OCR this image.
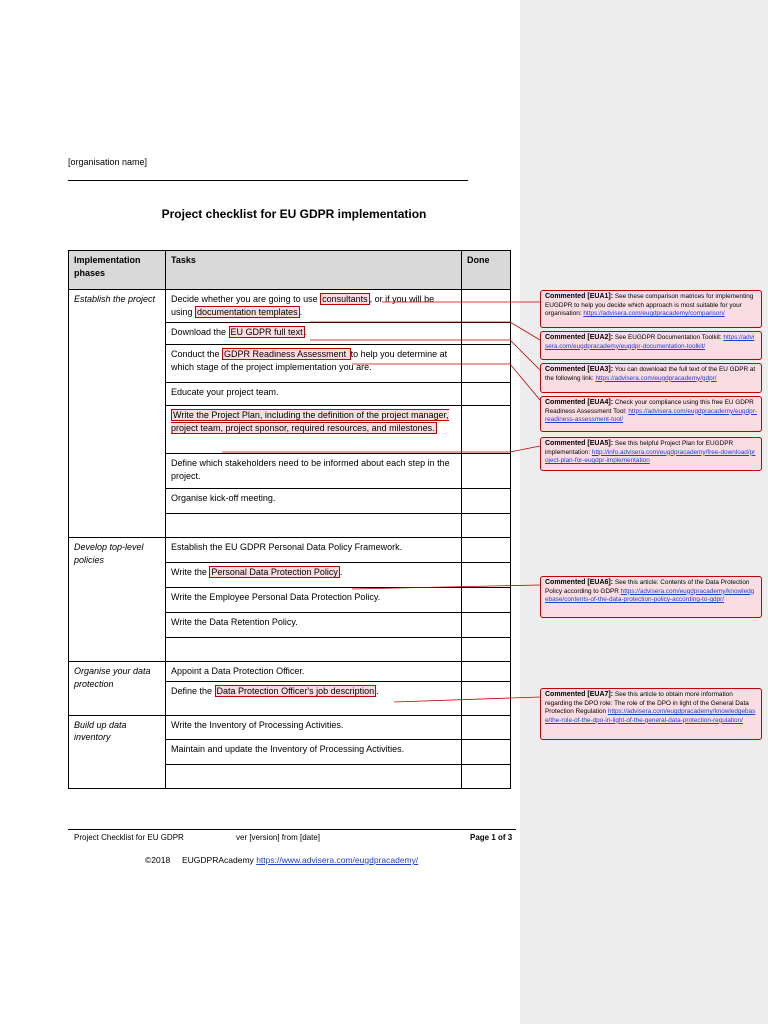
[organisation name]
Project checklist for EU GDPR implementation
Implementation phases	Tasks	Done
Establish the project	Decide whether you are going to use consultants , or if you will be using documentation templates .	
	Download the EU GDPR full text .	
	Conduct the GDPR Readiness Assessment to help you determine at which stage of the project implementation you are.	
	Educate your project team.	
	Write the Project Plan, including the definition of the project manager, project team, project sponsor, required resources, and milestones.	
	Define which stakeholders need to be informed about each step in the project.	
	Organise kick-off meeting.	

Develop top-level policies	Establish the EU GDPR Personal Data Policy Framework.	
	Write the Personal Data Protection Policy .	
	Write the Employee Personal Data Protection Policy.	
	Write the Data Retention Policy.	

Organise your data protection	Appoint a Data Protection Officer.	
	Define the Data Protection Officer's job description .	
Build up data inventory	Write the Inventory of Processing Activities.	
	Maintain and update the Inventory of Processing Activities.	

Project Checklist for EU GDPR	ver [version] from [date]	Page 1 of 3
©2018 EUGDPRAcademy https://www.advisera.com/eugdpracademy/
Commented [EUA1]: See these comparison matrices for implementing EUGDPR to help you decide which approach is most suitable for your organisation: https://advisera.com/eugdpracademy/comparison/
Commented [EUA2]: See EUGDPR Documentation Toolkit: https://advisera.com/eugdpracademy/eugdpr-documentation-toolkit/
Commented [EUA3]: You can download the full text of the EU GDPR at the following link: https://advisera.com/eugdpracademy/gdpr/
Commented [EUA4]: Check your compliance using this free EU GDPR Readiness Assessment Tool: https://advisera.com/eugdpracademy/eugdpr-readiness-assessment-tool/
Commented [EUA5]: See this helpful Project Plan for EUGDPR implementation: http://info.advisera.com/eugdpracademy/free-download/project-plan-for-eugdpr-implementation
Commented [EUA6]: See this article: Contents of the Data Protection Policy according to GDPR https://advisera.com/eugdpracademy/knowledgebase/contents-of-the-data-protection-policy-according-to-gdpr/
Commented [EUA7]: See this article to obtain more information regarding the DPO role: The role of the DPO in light of the General Data Protection Regulation https://advisera.com/eugdpracademy/knowledgebase/the-role-of-the-dpo-in-light-of-the-general-data-protection-regulation/
